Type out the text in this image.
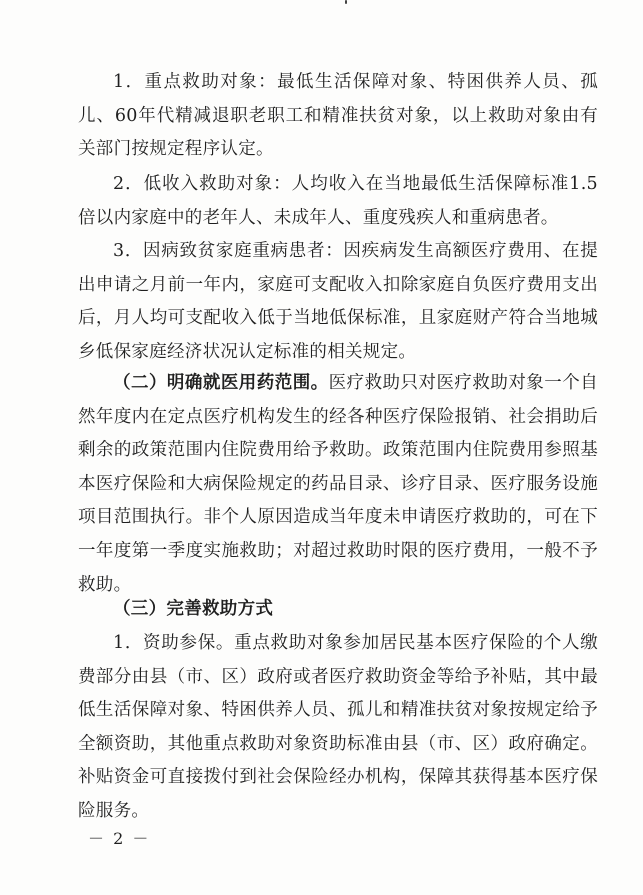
1．重点救助对象：最低生活保障对象、特困供养人员、孤儿、60年代精减退职老职工和精准扶贫对象，以上救助对象由有关部门按规定程序认定。
2．低收入救助对象：人均收入在当地最低生活保障标准1.5倍以内家庭中的老年人、未成年人、重度残疾人和重病患者。
3．因病致贫家庭重病患者：因疾病发生高额医疗费用、在提出申请之月前一年内，家庭可支配收入扣除家庭自负医疗费用支出后，月人均可支配收入低于当地低保标准，且家庭财产符合当地城乡低保家庭经济状况认定标准的相关规定。
（二）明确就医用药范围。医疗救助只对医疗救助对象一个自然年度内在定点医疗机构发生的经各种医疗保险报销、社会捐助后剩余的政策范围内住院费用给予救助。政策范围内住院费用参照基本医疗保险和大病保险规定的药品目录、诊疗目录、医疗服务设施项目范围执行。非个人原因造成当年度未申请医疗救助的，可在下一年度第一季度实施救助；对超过救助时限的医疗费用，一般不予救助。
（三）完善救助方式
1．资助参保。重点救助对象参加居民基本医疗保险的个人缴费部分由县（市、区）政府或者医疗救助资金等给予补贴，其中最低生活保障对象、特困供养人员、孤儿和精准扶贫对象按规定给予全额资助，其他重点救助对象资助标准由县（市、区）政府确定。补贴资金可直接拨付到社会保险经办机构，保障其获得基本医疗保险服务。
－ 2 －
